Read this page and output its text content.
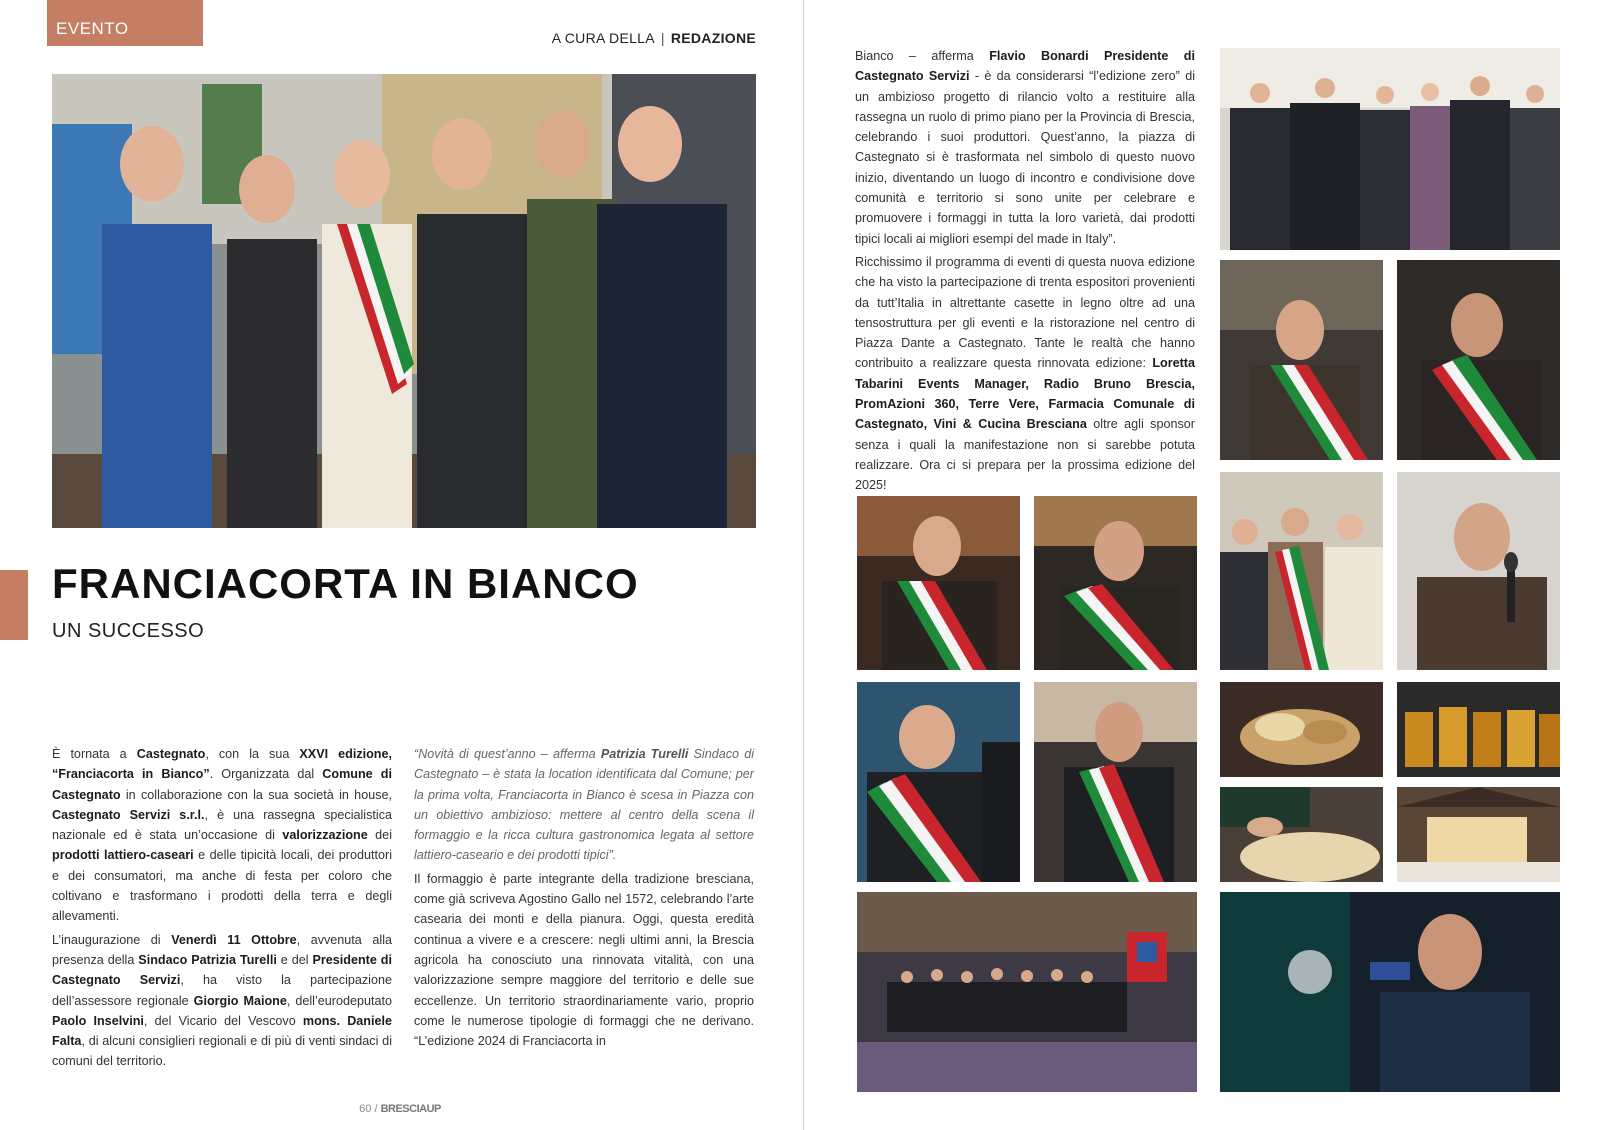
EVENTO	A CURA DELLA | REDAZIONE
FRANCIACORTA IN BIANCO
UN SUCCESSO

È tornata a Castegnato, con la sua XXVI edizione, “Franciacorta in Bianco”. Organizzata dal Comune di Castegnato in collaborazione con la sua società in house, Castegnato Servizi s.r.l., è una rassegna specialistica nazionale ed è stata un’occasione di valorizzazione dei prodotti lattiero-caseari e delle tipicità locali, dei produttori e dei consumatori, ma anche di festa per coloro che coltivano e trasformano i prodotti della terra e degli allevamenti.

L’inaugurazione di Venerdì 11 Ottobre, avvenuta alla presenza della Sindaco Patrizia Turelli e del Presidente di Castegnato Servizi, ha visto la partecipazione dell’assessore regionale Giorgio Maione, dell’eurodeputato Paolo Inselvini, del Vicario del Vescovo mons. Daniele Falta, di alcuni consiglieri regionali e di più di venti sindaci di comuni del territorio.

“Novità di quest’anno – afferma Patrizia Turelli Sindaco di Castegnato – è stata la location identificata dal Comune; per la prima volta, Franciacorta in Bianco è scesa in Piazza con un obiettivo ambizioso: mettere al centro della scena il formaggio e la ricca cultura gastronomica legata al settore lattiero-caseario e dei prodotti tipici”.

Il formaggio è parte integrante della tradizione bresciana, come già scriveva Agostino Gallo nel 1572, celebrando l’arte casearia dei monti e della pianura. Oggi, questa eredità continua a vivere e a crescere: negli ultimi anni, la Brescia agricola ha conosciuto una rinnovata vitalità, con una valorizzazione sempre maggiore del territorio e delle sue eccellenze. Un territorio straordinariamente vario, proprio come le numerose tipologie di formaggi che ne derivano. “L’edizione 2024 di Franciacorta in

60 / BRESCIAUP

Bianco – afferma Flavio Bonardi Presidente di Castegnato Servizi - è da considerarsi “l’edizione zero” di un ambizioso progetto di rilancio volto a restituire alla rassegna un ruolo di primo piano per la Provincia di Brescia, celebrando i suoi produttori. Quest’anno, la piazza di Castegnato si è trasformata nel simbolo di questo nuovo inizio, diventando un luogo di incontro e condivisione dove comunità e territorio si sono unite per celebrare e promuovere i formaggi in tutta la loro varietà, dai prodotti tipici locali ai migliori esempi del made in Italy”.

Ricchissimo il programma di eventi di questa nuova edizione che ha visto la partecipazione di trenta espositori provenienti da tutt’Italia in altrettante casette in legno oltre ad una tensostruttura per gli eventi e la ristorazione nel centro di Piazza Dante a Castegnato. Tante le realtà che hanno contribuito a realizzare questa rinnovata edizione: Loretta Tabarini Events Manager, Radio Bruno Brescia, PromAzioni 360, Terre Vere, Farmacia Comunale di Castegnato, Vini & Cucina Bresciana oltre agli sponsor senza i quali la manifestazione non si sarebbe potuta realizzare. Ora ci si prepara per la prossima edizione del 2025!
